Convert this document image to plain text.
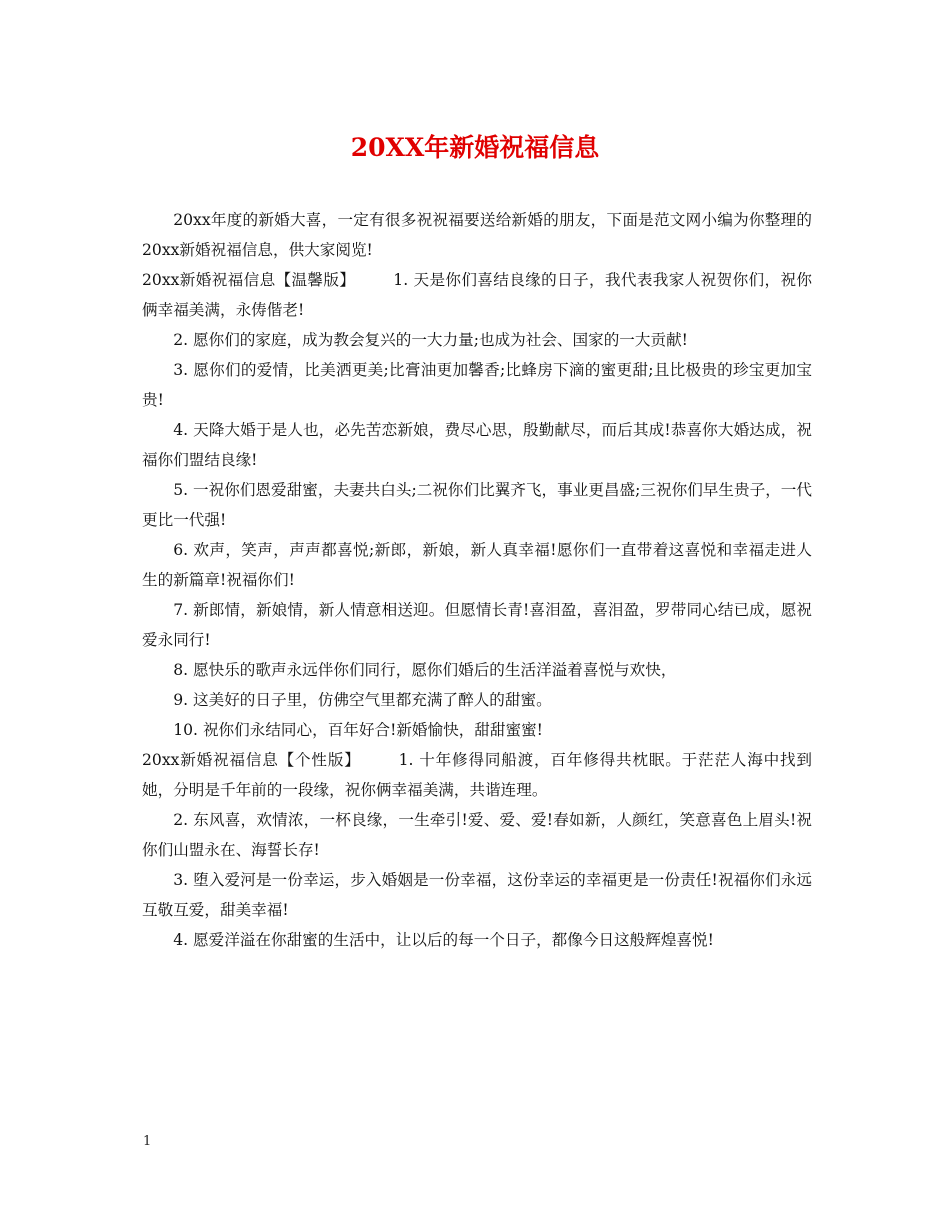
20XX年新婚祝福信息

20xx年度的新婚大喜，一定有很多祝祝福要送给新婚的朋友，下面是范文网小编为你整理的20xx新婚祝福信息，供大家阅览!

20xx新婚祝福信息【温馨版】 1. 天是你们喜结良缘的日子，我代表我家人祝贺你们，祝你俩幸福美满，永俦偕老!

2. 愿你们的家庭，成为教会复兴的一大力量;也成为社会、国家的一大贡献!

3. 愿你们的爱情，比美洒更美;比膏油更加馨香;比蜂房下滴的蜜更甜;且比极贵的珍宝更加宝贵!

4. 天降大婚于是人也，必先苦恋新娘，费尽心思，殷勤献尽，而后其成!恭喜你大婚达成，祝福你们盟结良缘!

5. 一祝你们恩爱甜蜜，夫妻共白头;二祝你们比翼齐飞，事业更昌盛;三祝你们早生贵子，一代更比一代强!

6. 欢声，笑声，声声都喜悦;新郎，新娘，新人真幸福!愿你们一直带着这喜悦和幸福走进人生的新篇章!祝福你们!

7. 新郎情，新娘情，新人情意相送迎。但愿情长青!喜泪盈，喜泪盈，罗带同心结已成，愿祝爱永同行!

8. 愿快乐的歌声永远伴你们同行，愿你们婚后的生活洋溢着喜悦与欢快，

9. 这美好的日子里，仿佛空气里都充满了醉人的甜蜜。

10. 祝你们永结同心，百年好合!新婚愉快，甜甜蜜蜜!

20xx新婚祝福信息【个性版】 1. 十年修得同船渡，百年修得共枕眠。于茫茫人海中找到她，分明是千年前的一段缘，祝你俩幸福美满，共谐连理。

2. 东风喜，欢情浓，一杯良缘，一生牵引!爱、爱、爱!春如新，人颜红，笑意喜色上眉头!祝你们山盟永在、海誓长存!

3. 堕入爱河是一份幸运，步入婚姻是一份幸福，这份幸运的幸福更是一份责任!祝福你们永远互敬互爱，甜美幸福!

4. 愿爱洋溢在你甜蜜的生活中，让以后的每一个日子，都像今日这般辉煌喜悦!

1
